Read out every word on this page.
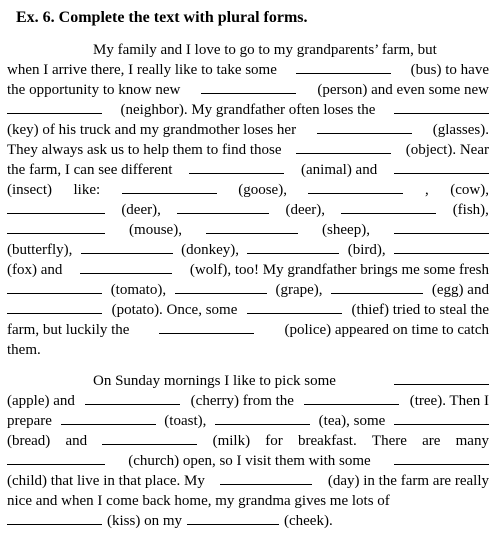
Ex. 6. Complete the text with plural forms.
My family and I love to go to my grandparents’ farm, but
when I arrive there, I really like to take some	(bus) to have
the opportunity to know new	(person) and even some new
(neighbor). My grandfather often loses the
(key) of his truck and my grandmother loses her	(glasses).
They always ask us to help them to find those	(object). Near
the farm, I can see different	(animal) and
(insect) like:	(goose),	, (cow),
(deer),	(deer),	(fish),
(mouse),	(sheep),
(butterfly),	(donkey),	(bird),
(fox) and	(wolf), too! My grandfather brings me some fresh
(tomato),	(grape),	(egg) and
(potato). Once, some	(thief) tried to steal the
farm, but luckily the	(police) appeared on time to catch
them.
On Sunday mornings I like to pick some
(apple) and	(cherry) from the	(tree). Then I
prepare	(toast),	(tea), some
(bread) and	(milk) for breakfast. There are many
(church) open, so I visit them with some
(child) that live in that place. My	(day) in the farm are really
nice and when I come back home, my grandma gives me lots of
(kiss) on my	(cheek).
